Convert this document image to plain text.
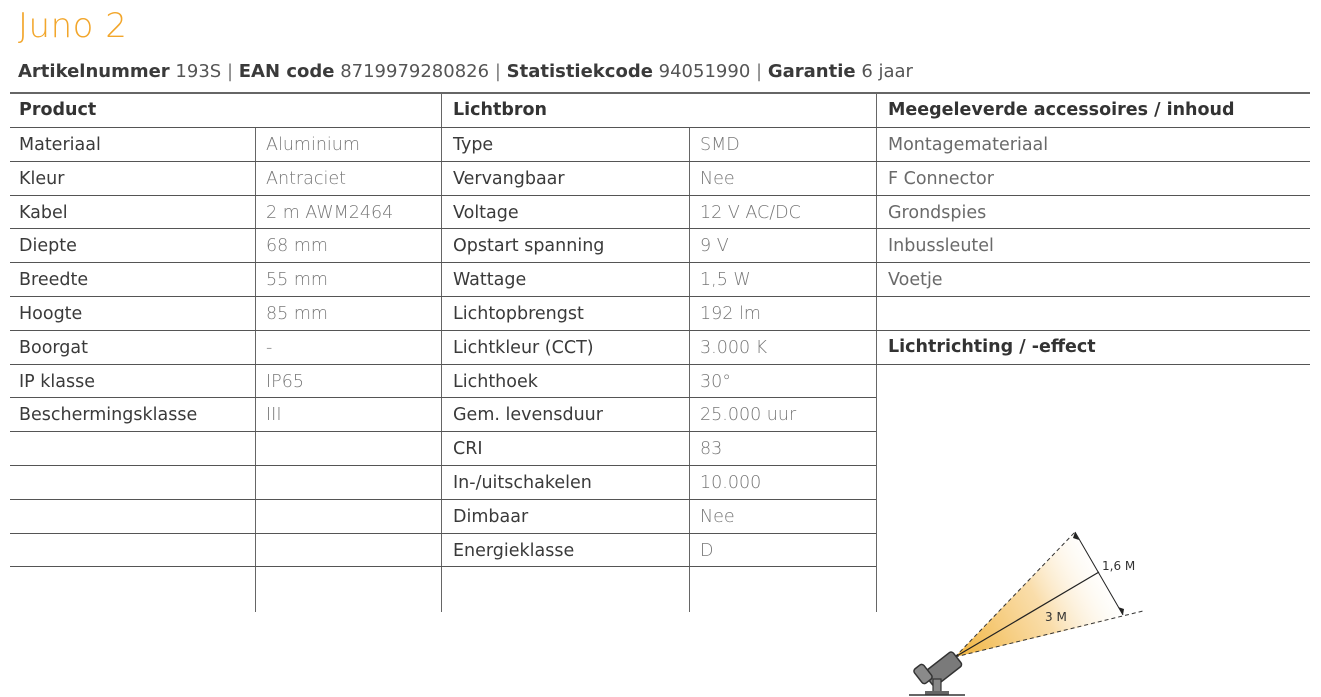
Juno 2
Artikelnummer 193S | EAN code 8719979280826 | Statistiekcode 94051990 | Garantie 6 jaar
Product	Lichtbron	Meegeleverde accessoires / inhoud
Lichtrichting / -effect
1,6 M
3 M
Materiaal	Aluminium
Kleur	Antraciet
Kabel	2 m AWM2464
Diepte	68 mm
Breedte	55 mm
Hoogte	85 mm
Boorgat	-
IP klasse	IP65
Beschermingsklasse	III
Type	SMD
Vervangbaar	Nee
Voltage	12 V AC/DC
Opstart spanning	9 V
Wattage	1,5 W
Lichtopbrengst	192 lm
Lichtkleur (CCT)	3.000 K
Lichthoek	30°
Gem. levensduur	25.000 uur
CRI	83
In-/uitschakelen	10.000
Dimbaar	Nee
Energieklasse	D
Montagemateriaal
F Connector
Grondspies
Inbussleutel
Voetje
